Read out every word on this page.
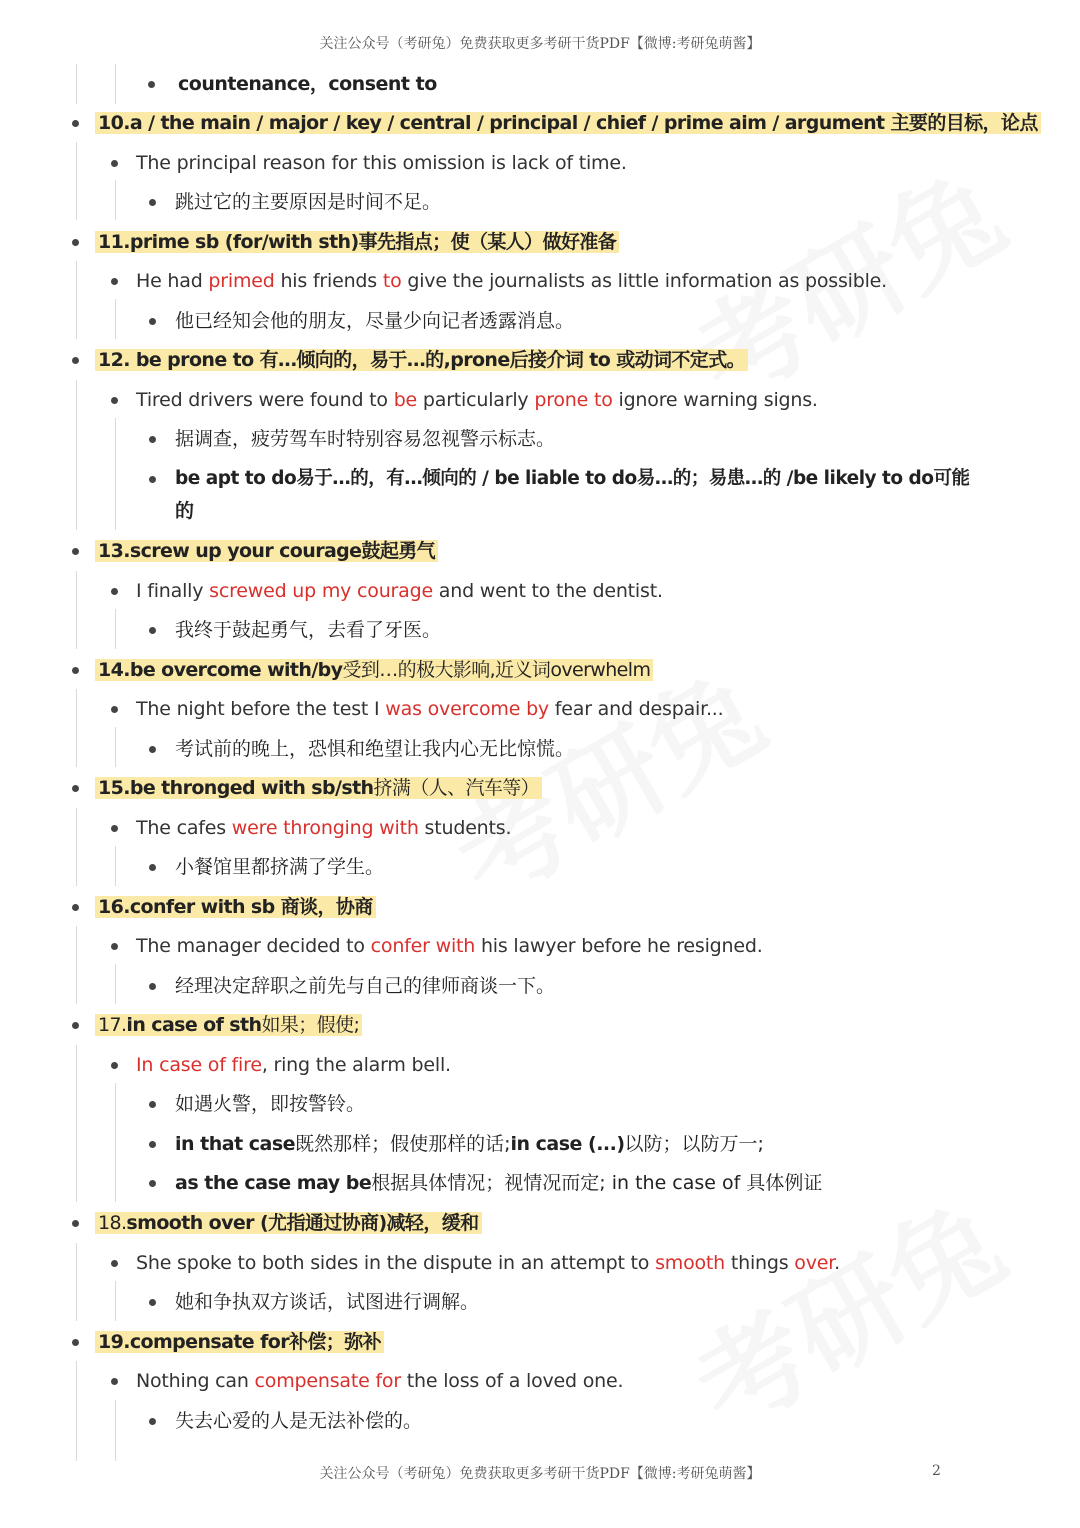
关注公众号（考研兔）免费获取更多考研干货PDF【微博:考研兔萌酱】
countenance，consent to
10.a / the main / major / key / central / principal / chief / prime aim / argument 主要的目标，论点
The principal reason for this omission is lack of time.
跳过它的主要原因是时间不足。
11.prime sb (for/with sth)事先指点；使（某人）做好准备
He had primed his friends to give the journalists as little information as possible.
他已经知会他的朋友，尽量少向记者透露消息。
12. be prone to 有…倾向的，易于…的,prone后接介词 to 或动词不定式。
Tired drivers were found to be particularly prone to ignore warning signs.
据调查，疲劳驾车时特别容易忽视警示标志。
be apt to do易于…的，有…倾向的 / be liable to do易…的；易患…的 /be likely to do可能
的
13.screw up your courage鼓起勇气
I finally screwed up my courage and went to the dentist.
我终于鼓起勇气，去看了牙医。
14.be overcome with/by受到…的极大影响,近义词overwhelm
The night before the test I was overcome by fear and despair...
考试前的晚上，恐惧和绝望让我内心无比惊慌。
15.be thronged with sb/sth挤满（人、汽车等）
The cafes were thronging with students.
小餐馆里都挤满了学生。
16.confer with sb 商谈，协商
The manager decided to confer with his lawyer before he resigned.
经理决定辞职之前先与自己的律师商谈一下。
17.in case of sth如果；假使;
In case of fire, ring the alarm bell.
如遇火警，即按警铃。
in that case既然那样；假使那样的话;in case (...)以防；以防万一;
as the case may be根据具体情况；视情况而定; in the case of 具体例证
18.smooth over (尤指通过协商)减轻，缓和
She spoke to both sides in the dispute in an attempt to smooth things over.
她和争执双方谈话，试图进行调解。
19.compensate for补偿；弥补
Nothing can compensate for the loss of a loved one.
失去心爱的人是无法补偿的。
关注公众号（考研兔）免费获取更多考研干货PDF【微博:考研兔萌酱】	2
